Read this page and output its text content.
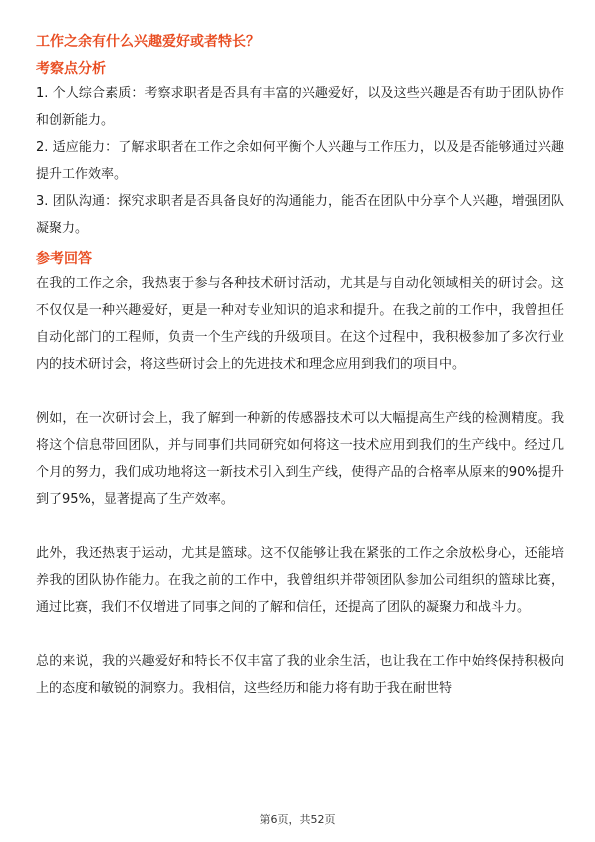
工作之余有什么兴趣爱好或者特长？
考察点分析
1. 个人综合素质：考察求职者是否具有丰富的兴趣爱好，以及这些兴趣是否有助于团队协作和创新能力。
2. 适应能力：了解求职者在工作之余如何平衡个人兴趣与工作压力，以及是否能够通过兴趣提升工作效率。
3. 团队沟通：探究求职者是否具备良好的沟通能力，能否在团队中分享个人兴趣，增强团队凝聚力。
参考回答

在我的工作之余，我热衷于参与各种技术研讨活动，尤其是与自动化领域相关的研讨会。这不仅仅是一种兴趣爱好，更是一种对专业知识的追求和提升。在我之前的工作中，我曾担任自动化部门的工程师，负责一个生产线的升级项目。在这个过程中，我积极参加了多次行业内的技术研讨会，将这些研讨会上的先进技术和理念应用到我们的项目中。

例如，在一次研讨会上，我了解到一种新的传感器技术可以大幅提高生产线的检测精度。我将这个信息带回团队，并与同事们共同研究如何将这一技术应用到我们的生产线中。经过几个月的努力，我们成功地将这一新技术引入到生产线，使得产品的合格率从原来的90%提升到了95%，显著提高了生产效率。

此外，我还热衷于运动，尤其是篮球。这不仅能够让我在紧张的工作之余放松身心，还能培养我的团队协作能力。在我之前的工作中，我曾组织并带领团队参加公司组织的篮球比赛，通过比赛，我们不仅增进了同事之间的了解和信任，还提高了团队的凝聚力和战斗力。

总的来说，我的兴趣爱好和特长不仅丰富了我的业余生活，也让我在工作中始终保持积极向上的态度和敏锐的洞察力。我相信，这些经历和能力将有助于我在耐世特

第6页，共52页
